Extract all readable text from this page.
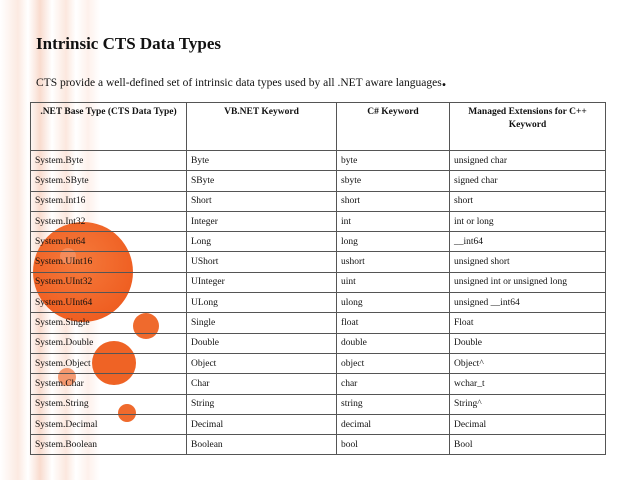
Intrinsic CTS Data Types

CTS provide a well-defined set of intrinsic data types used by all .NET aware languages.

.NET Base Type (CTS Data Type)	VB.NET Keyword	C# Keyword	Managed Extensions for C++ Keyword
System.Byte	Byte	byte	unsigned char
System.SByte	SByte	sbyte	signed char
System.Int16	Short	short	short
System.Int32	Integer	int	int or long
System.Int64	Long	long	__int64
System.UInt16	UShort	ushort	unsigned short
System.UInt32	UInteger	uint	unsigned int or unsigned long
System.UInt64	ULong	ulong	unsigned __int64
System.Single	Single	float	Float
System.Double	Double	double	Double
System.Object	Object	object	Object^
System.Char	Char	char	wchar_t
System.String	String	string	String^
System.Decimal	Decimal	decimal	Decimal
System.Boolean	Boolean	bool	Bool
